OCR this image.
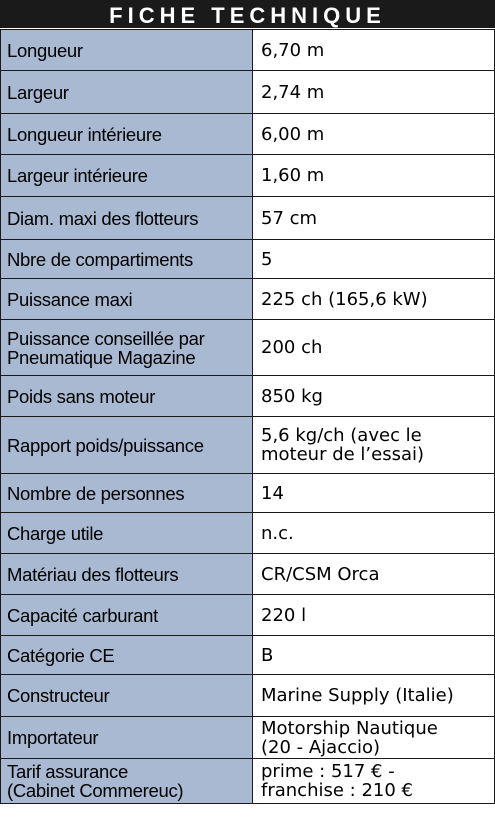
FICHE TECHNIQUE
Longueur	6,70 m
Largeur	2,74 m
Longueur intérieure	6,00 m
Largeur intérieure	1,60 m
Diam. maxi des flotteurs	57 cm
Nbre de compartiments	5
Puissance maxi	225 ch (165,6 kW)
Puissance conseillée par
Pneumatique Magazine	200 ch
Poids sans moteur	850 kg
Rapport poids/puissance	5,6 kg/ch (avec le
moteur de l’essai)
Nombre de personnes	14
Charge utile	n.c.
Matériau des flotteurs	CR/CSM Orca
Capacité carburant	220 l
Catégorie CE	B
Constructeur	Marine Supply (Italie)
Importateur	Motorship Nautique
(20 - Ajaccio)
Tarif assurance
(Cabinet Commereuc)	prime : 517 € -
franchise : 210 €
